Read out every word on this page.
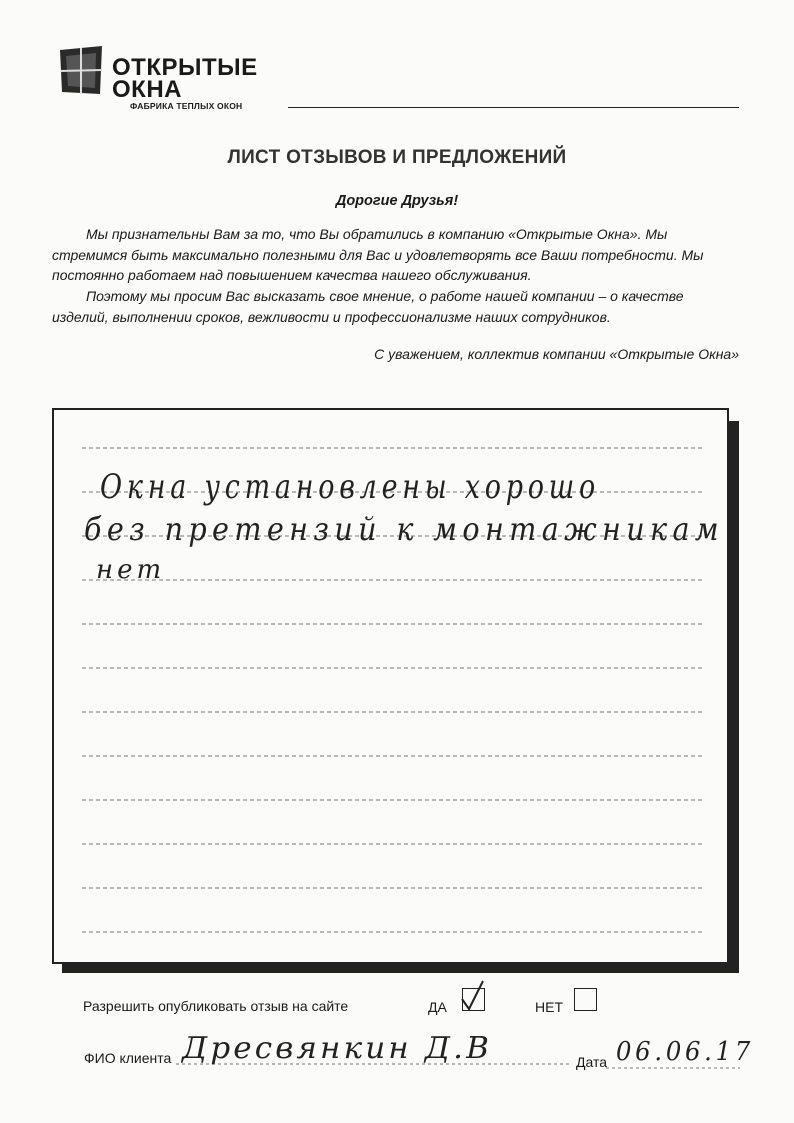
ОТКРЫТЫЕ
ОКНА
ФАБРИКА ТЕПЛЫХ ОКОН
ЛИСТ ОТЗЫВОВ И ПРЕДЛОЖЕНИЙ
Дорогие Друзья!

Мы признательны Вам за то, что Вы обратились в компанию «Открытые Окна». Мы стремимся быть максимально полезными для Вас и удовлетворять все Ваши потребности. Мы постоянно работаем над повышением качества нашего обслуживания.

Поэтому мы просим Вас высказать свое мнение, о работе нашей компании – о качестве изделий, выполнении сроков, вежливости и профессионализме наших сотрудников.

С уважением, коллектив компании «Открытые Окна»
Окна установлены хорошо
без претензий к монтажникам
нет
Разрешить опубликовать отзыв на сайте	ДА	НЕТ
ФИО клиента	Дата
Дресвянкин Д.В	06.06.17
